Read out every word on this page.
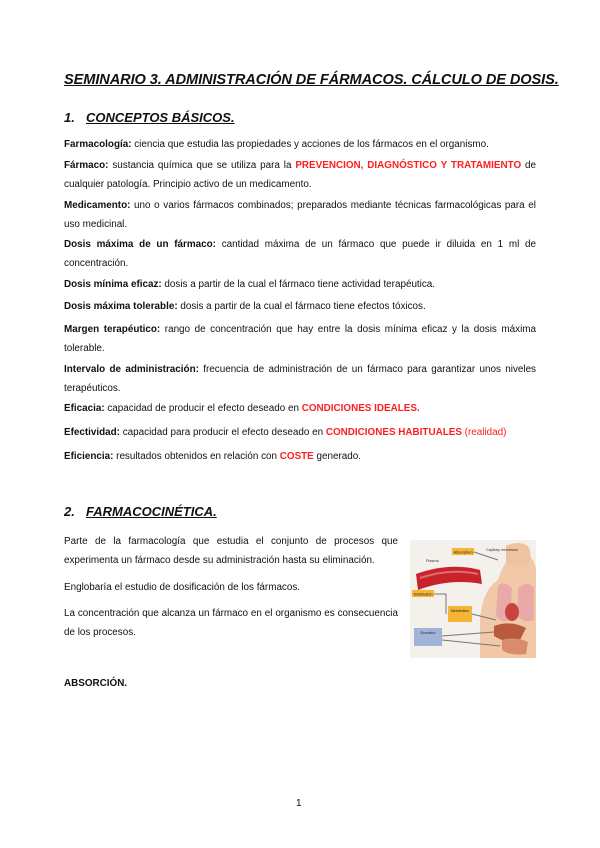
SEMINARIO 3. ADMINISTRACIÓN DE FÁRMACOS. CÁLCULO DE DOSIS.
1. CONCEPTOS BÁSICOS.
Farmacología: ciencia que estudia las propiedades y acciones de los fármacos en el organismo.
Fármaco: sustancia química que se utiliza para la PREVENCION, DIAGNÓSTICO Y TRATAMIENTO de cualquier patología. Principio activo de un medicamento.
Medicamento: uno o varios fármacos combinados; preparados mediante técnicas farmacológicas para el uso medicinal.
Dosis máxima de un fármaco: cantidad máxima de un fármaco que puede ir diluida en 1 ml de concentración.
Dosis mínima eficaz: dosis a partir de la cual el fármaco tiene actividad terapéutica.
Dosis máxima tolerable: dosis a partir de la cual el fármaco tiene efectos tóxicos.
Margen terapéutico: rango de concentración que hay entre la dosis mínima eficaz y la dosis máxima tolerable.
Intervalo de administración: frecuencia de administración de un fármaco para garantizar unos niveles terapéuticos.
Eficacia: capacidad de producir el efecto deseado en CONDICIONES IDEALES.
Efectividad: capacidad para producir el efecto deseado en CONDICIONES HABITUALES (realidad)
Eficiencia: resultados obtenidos en relación con COSTE generado.
2. FARMACOCINÉTICA.
Parte de la farmacología que estudia el conjunto de procesos que experimenta un fármaco desde su administración hasta su eliminación.
Englobaría el estudio de dosificación de los fármacos.
La concentración que alcanza un fármaco en el organismo es consecuencia de los procesos.
Absorption	Capillary membrane
Plasma
Distribution
Metabolism
Excretion
ABSORCIÓN.
1
